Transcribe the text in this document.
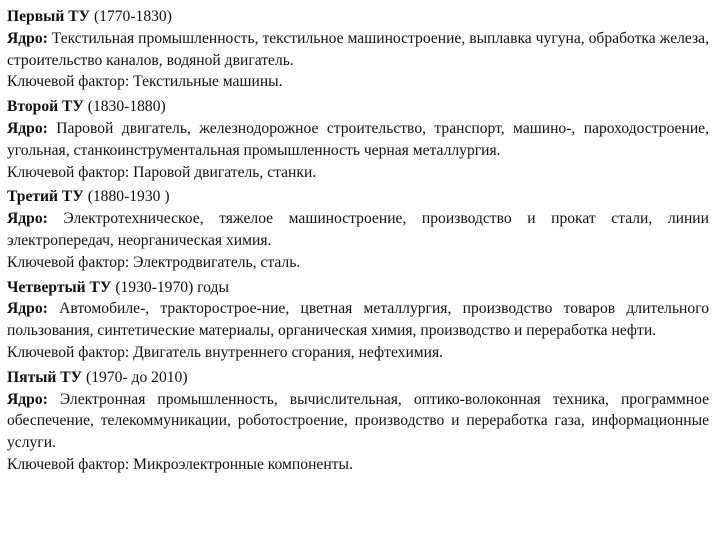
Первый ТУ (1770-1830)
Ядро: Текстильная промышленность, текстильное машиностроение, выплавка чугуна, обработка железа, строительство каналов, водяной двигатель.
Ключевой фактор: Текстильные машины.
Второй ТУ (1830-1880)
Ядро: Паровой двигатель, железнодорожное строительство, транспорт, машино-, пароходостроение, угольная, станкоинструментальная промышленность черная металлургия.
Ключевой фактор: Паровой двигатель, станки.
Третий ТУ (1880-1930 )
Ядро: Электротехническое, тяжелое машиностроение, производство и прокат стали, линии электропередач, неорганическая химия.
Ключевой фактор: Электродвигатель, сталь.
Четвертый ТУ (1930-1970) годы
Ядро: Автомобиле-, тракторострое-ние, цветная металлургия, производство товаров длительного пользования, синтетические материалы, органическая химия, производство и переработка нефти.
Ключевой фактор: Двигатель внутреннего сгорания, нефтехимия.
Пятый ТУ (1970- до 2010)
Ядро: Электронная промышленность, вычислительная, оптико-волоконная техника, программное обеспечение, телекоммуникации, роботостроение, производство и переработка газа, информационные услуги.
Ключевой фактор: Микроэлектронные компоненты.
